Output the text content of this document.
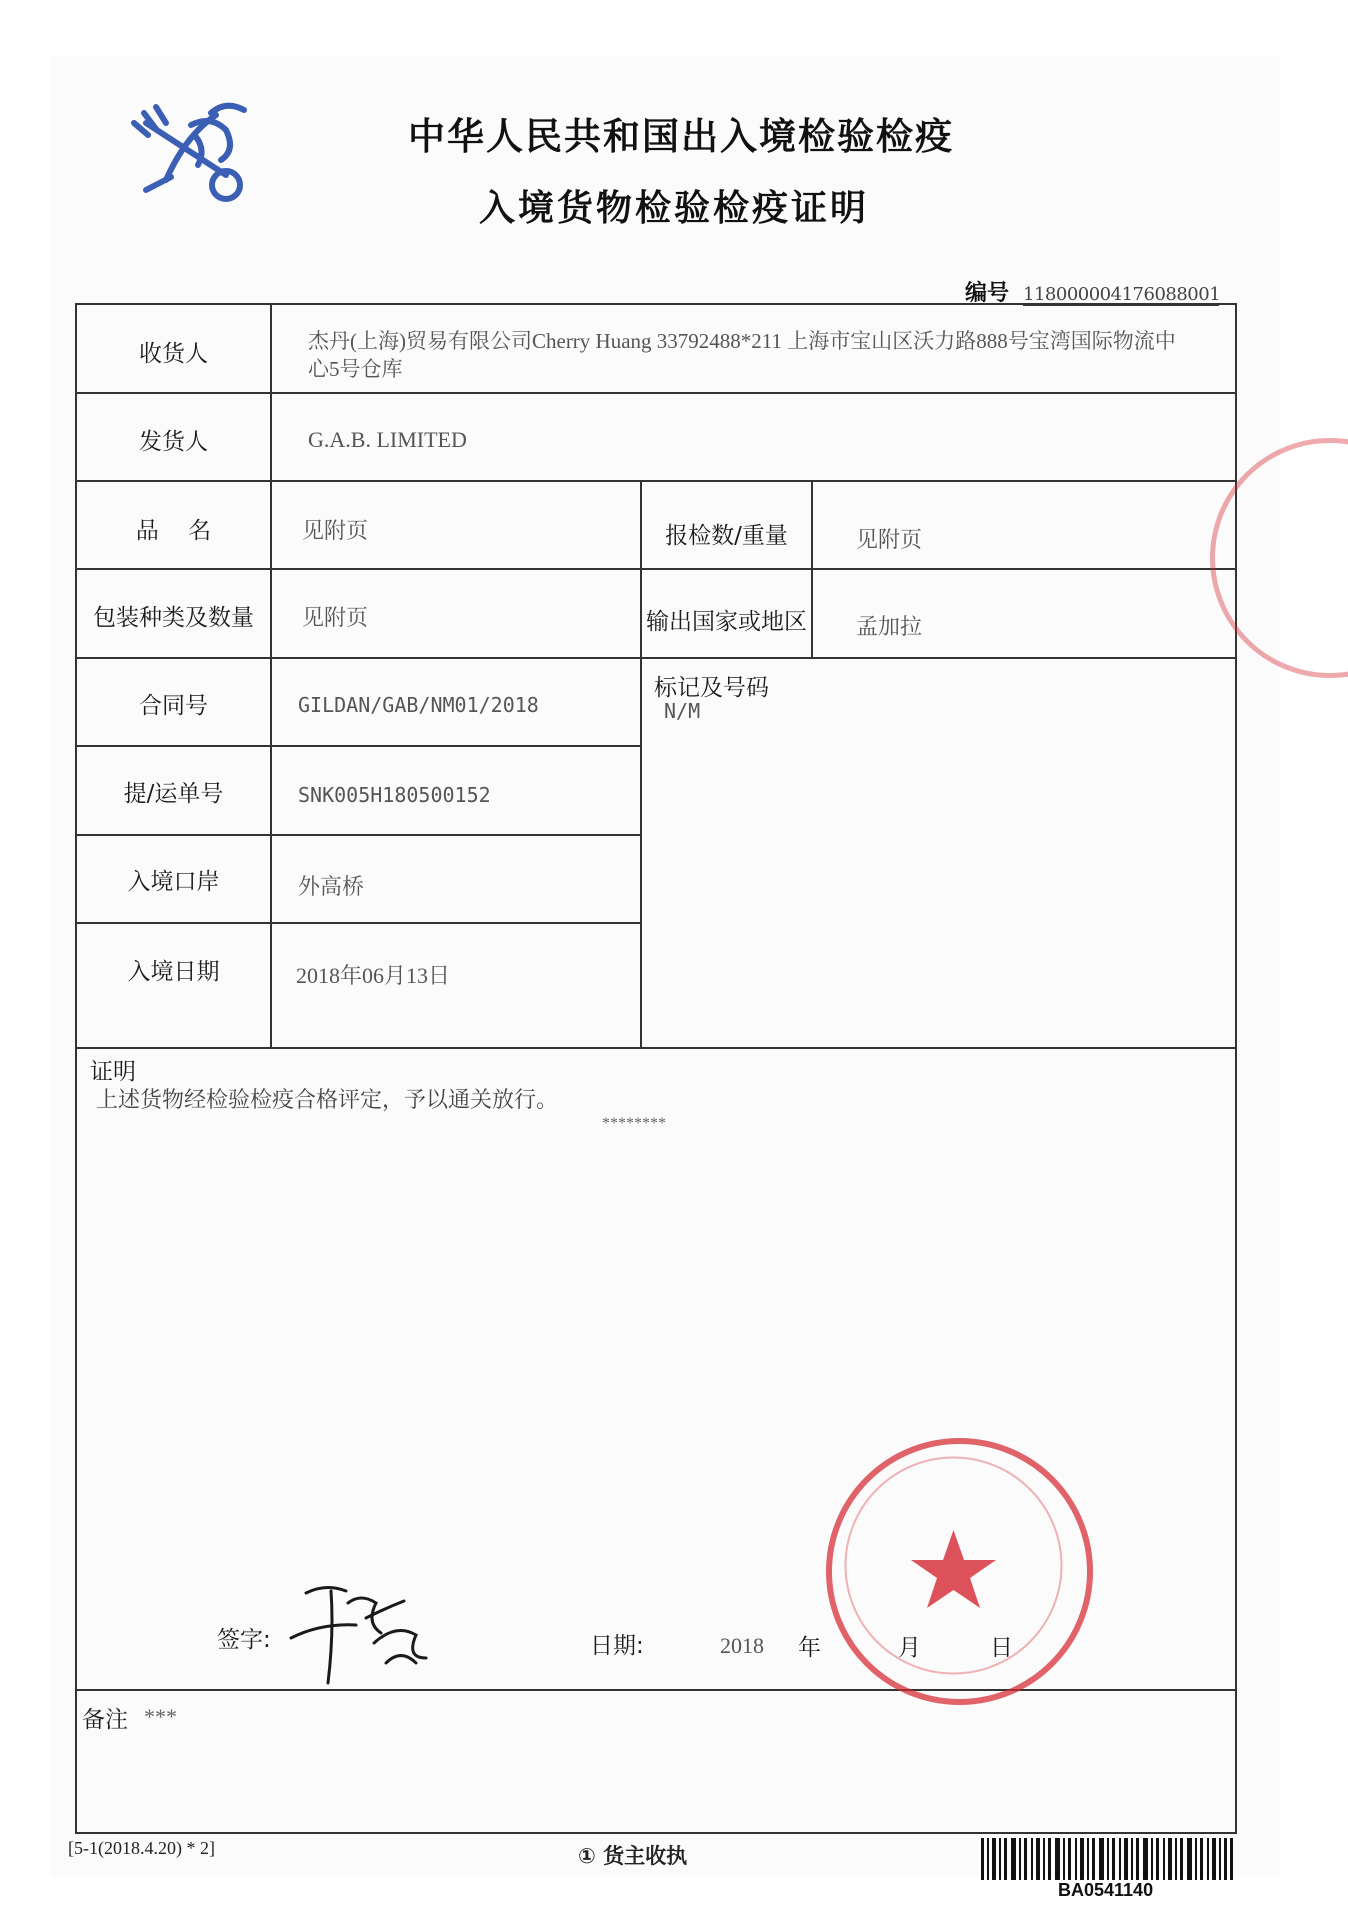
中华人民共和国出入境检验检疫
入境货物检验检疫证明
编号 118000004176088001
收货人	杰丹(上海)贸易有限公司Cherry Huang 33792488*211 上海市宝山区沃力路888号宝湾国际物流中
心5号仓库
发货人	G.A.B. LIMITED
品    名	见附页	报检数/重量	见附页
包装种类及数量	见附页	输出国家或地区 孟加拉
合同号	GILDAN/GAB/NM01/2018
标记及号码
N/M
提/运单号	SNK005H180500152
入境口岸	外高桥
入境日期	2018年06月13日
证明
上述货物经检验检疫合格评定，予以通关放行。
********
签字:	日期:	2018 年	月	日
备注 ***
[5-1(2018.4.20) * 2]	① 货主收执
BA0541140
